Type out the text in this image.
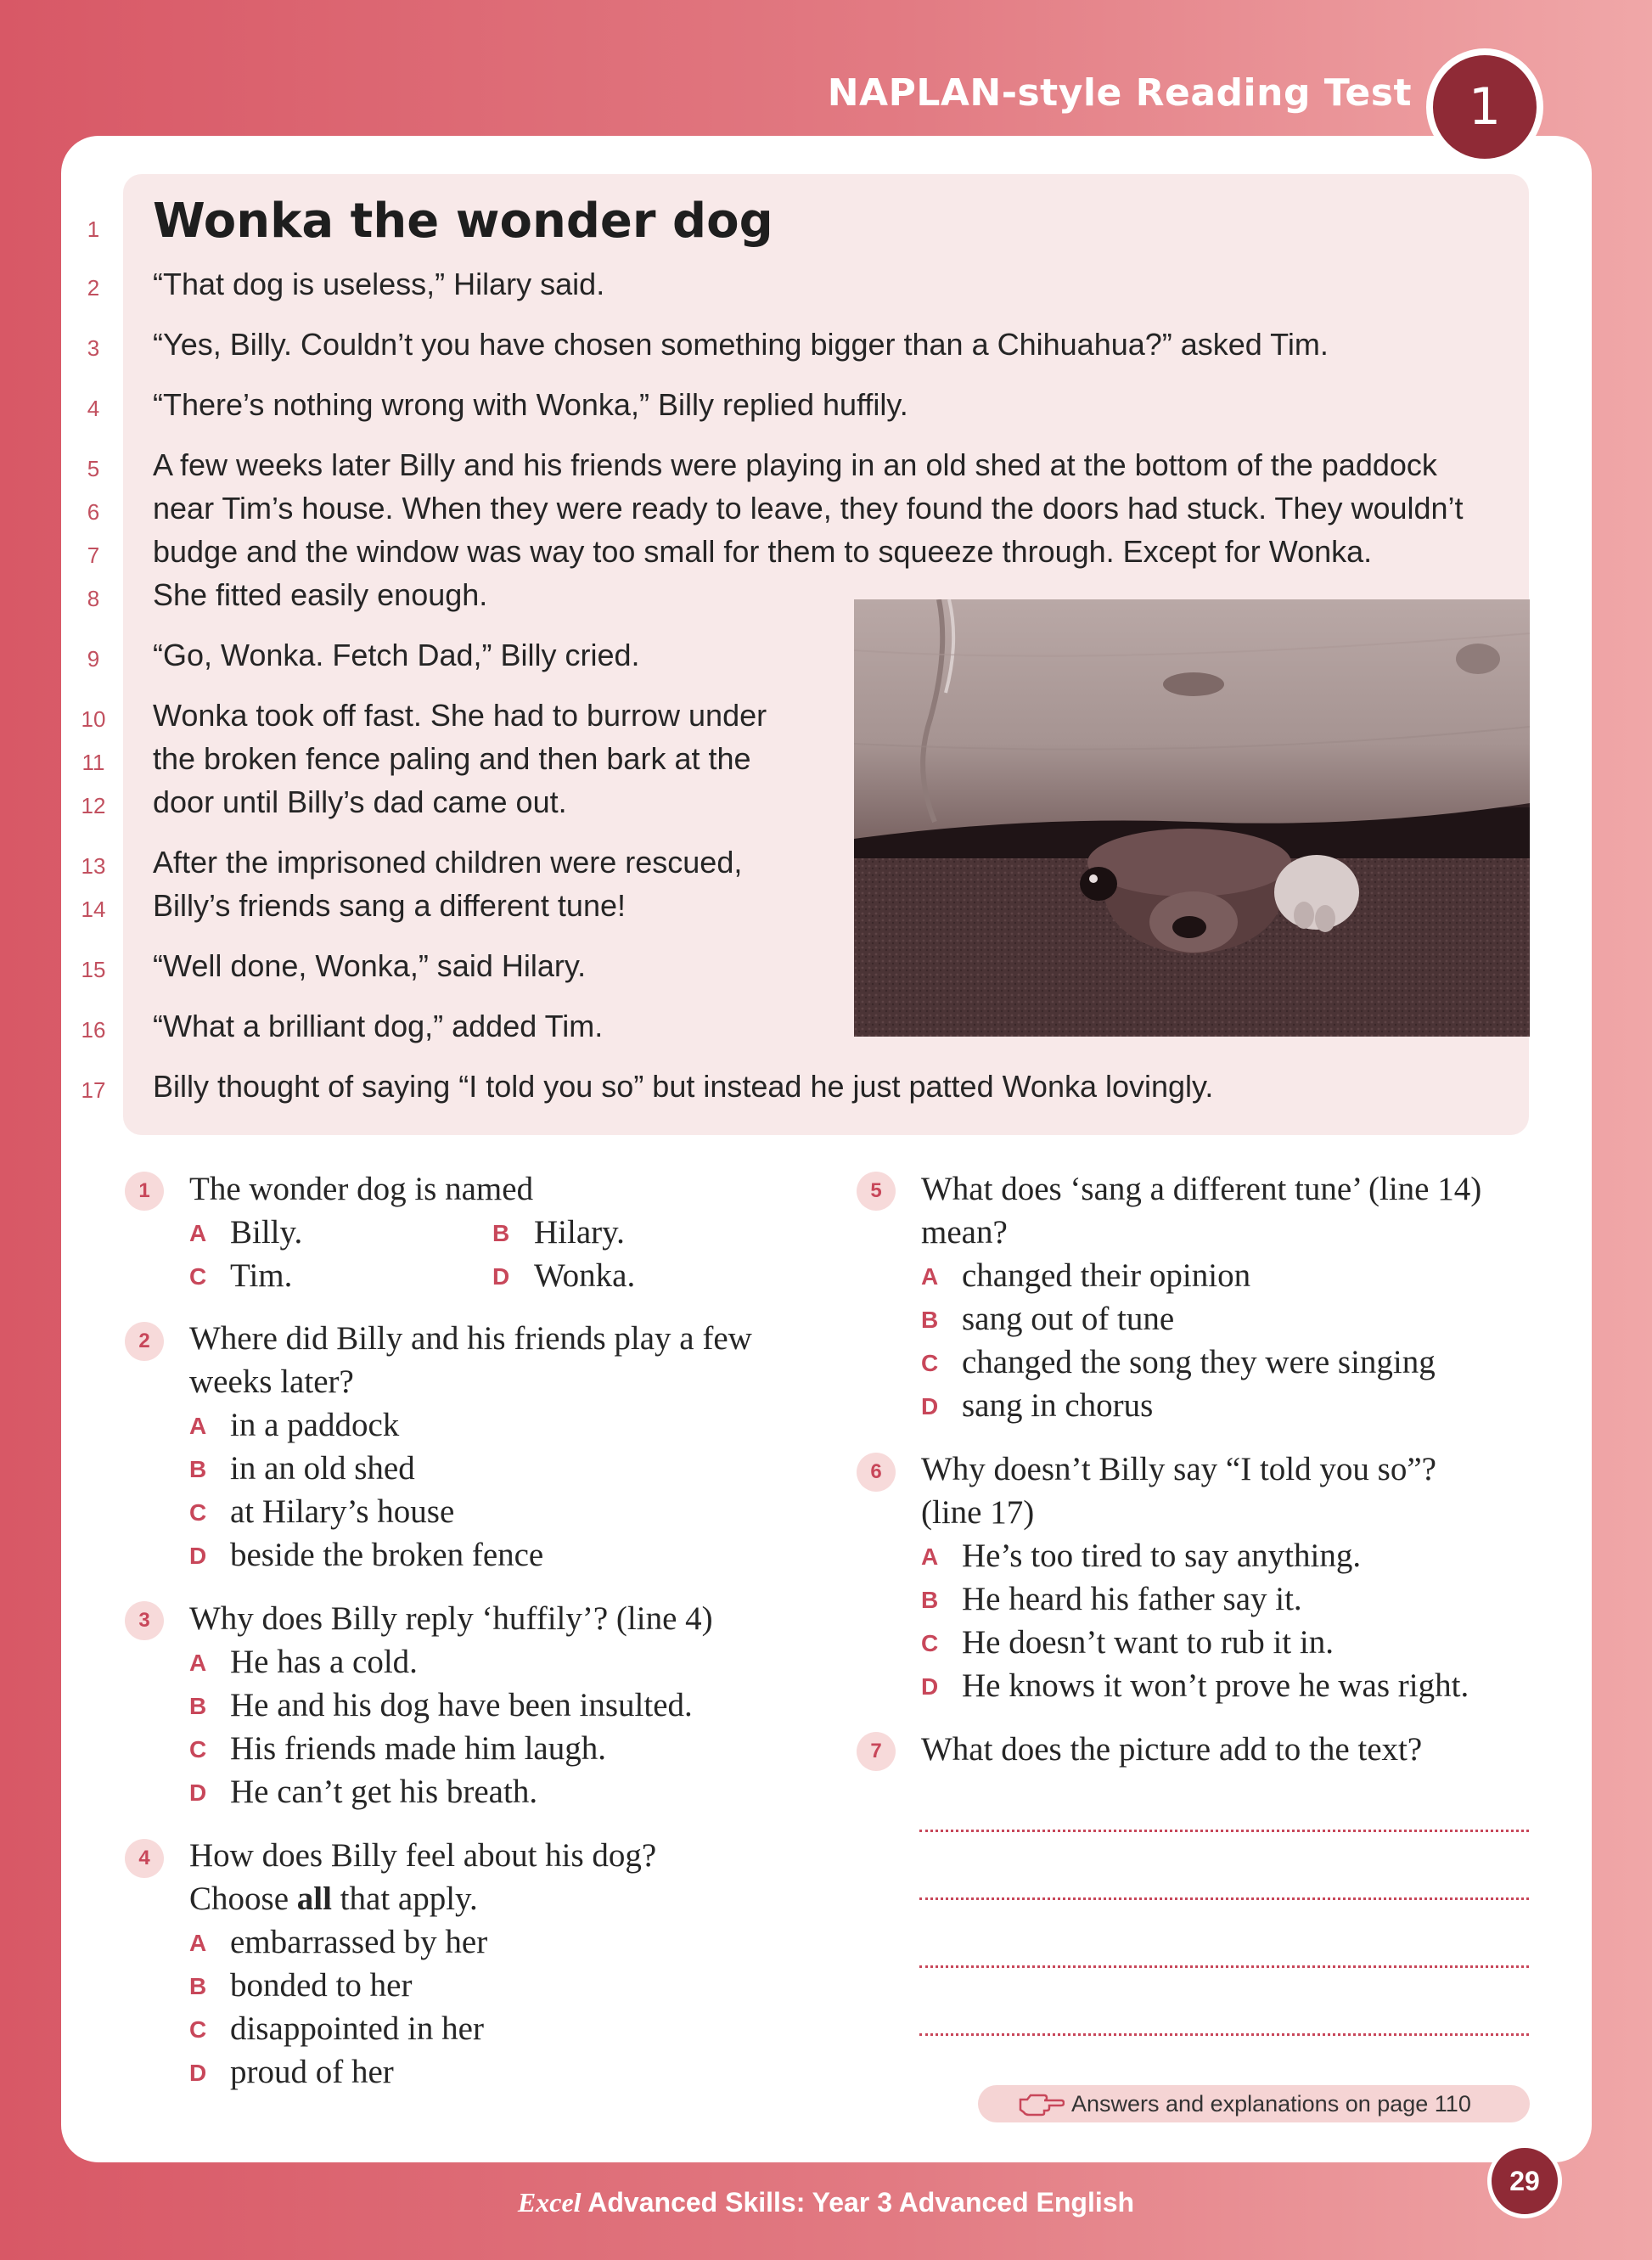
NAPLAN-style Reading Test	1
1	Wonka the wonder dog
2	“That dog is useless,” Hilary said.
3	“Yes, Billy. Couldn’t you have chosen something bigger than a Chihuahua?” asked Tim.
4	“There’s nothing wrong with Wonka,” Billy replied huffily.
5	A few weeks later Billy and his friends were playing in an old shed at the bottom of the paddock
6	near Tim’s house. When they were ready to leave, they found the doors had stuck. They wouldn’t
7	budge and the window was way too small for them to squeeze through. Except for Wonka.
8	She fitted easily enough.
9	“Go, Wonka. Fetch Dad,” Billy cried.
10	Wonka took off fast. She had to burrow under
11	the broken fence paling and then bark at the
12	door until Billy’s dad came out.
13	After the imprisoned children were rescued,
14	Billy’s friends sang a different tune!
15	“Well done, Wonka,” said Hilary.
16	“What a brilliant dog,” added Tim.
17	Billy thought of saying “I told you so” but instead he just patted Wonka lovingly.
1	The wonder dog is named
A Billy.	B Hilary.
C Tim.	D Wonka.
2	Where did Billy and his friends play a few
weeks later?
A in a paddock
B in an old shed
C at Hilary’s house
D beside the broken fence
3	Why does Billy reply ‘huffily’? (line 4)
A He has a cold.
B He and his dog have been insulted.
C His friends made him laugh.
D He can’t get his breath.
4	How does Billy feel about his dog?
Choose all that apply.
A embarrassed by her
B bonded to her
C disappointed in her
D proud of her
5	What does ‘sang a different tune’ (line 14)
mean?
A changed their opinion
B sang out of tune
C changed the song they were singing
D sang in chorus
6	Why doesn’t Billy say “I told you so”?
(line 17)
A He’s too tired to say anything.
B He heard his father say it.
C He doesn’t want to rub it in.
D He knows it won’t prove he was right.
7	What does the picture add to the text?
Answers and explanations on page 110
29
Excel Advanced Skills: Year 3 Advanced English
